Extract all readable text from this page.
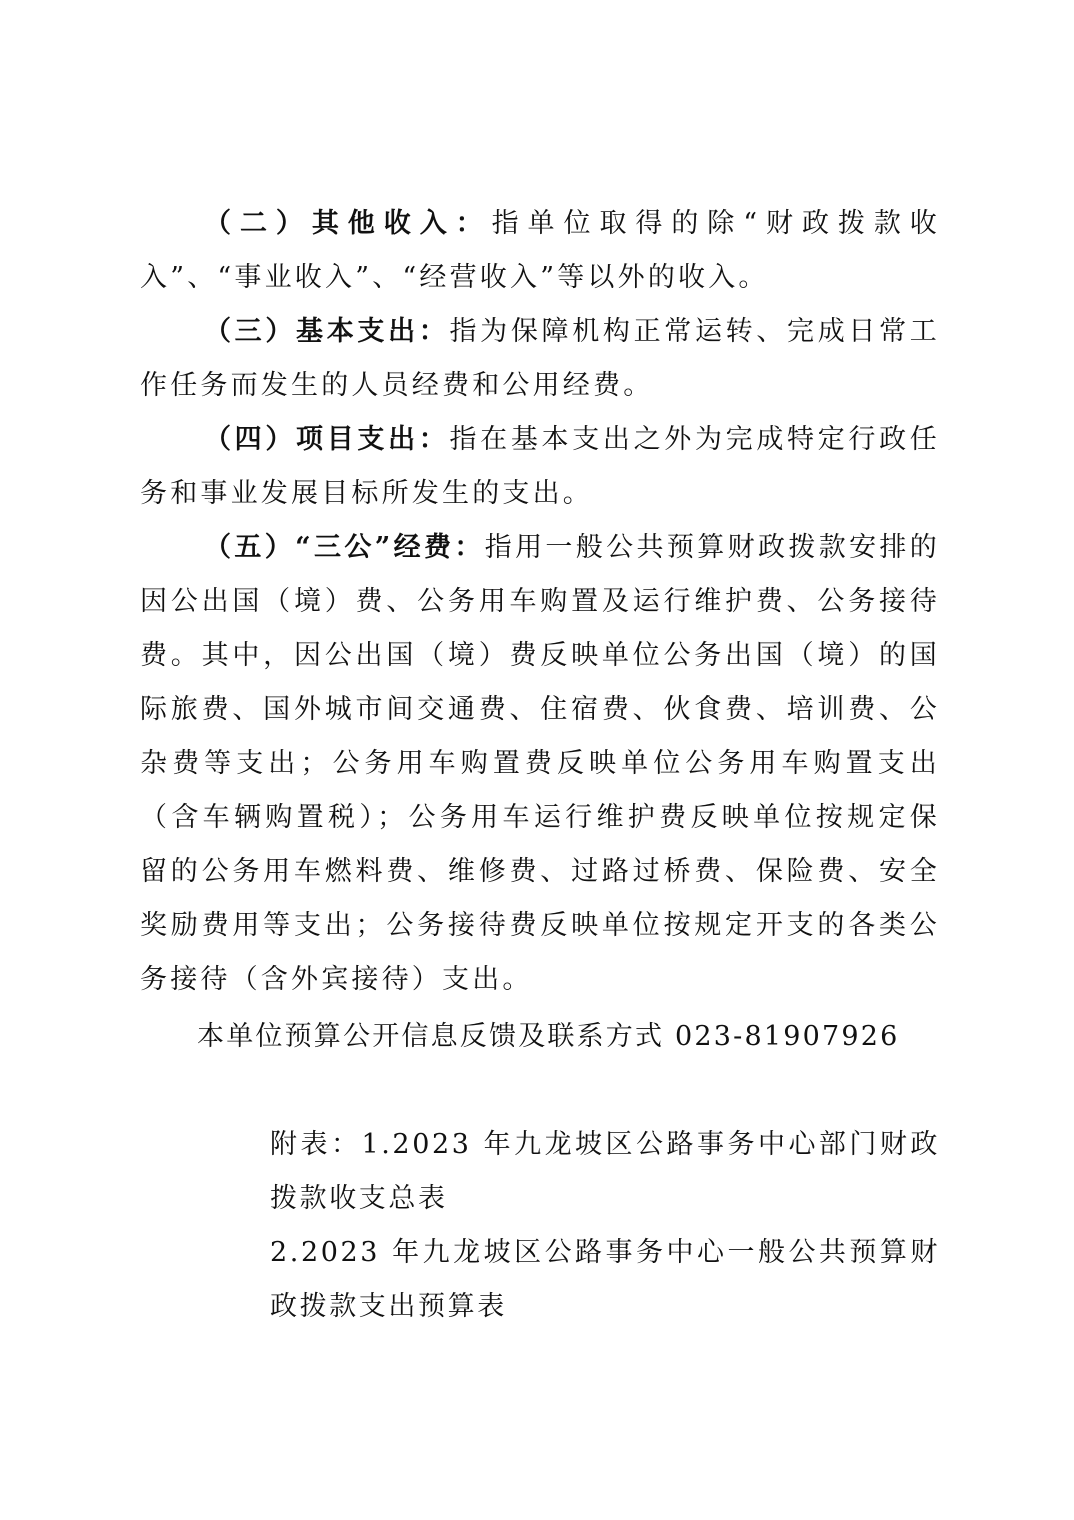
（二）其他收入：指单位取得的除“财政拨款收入”、“事业收入”、“经营收入”等以外的收入。

（三）基本支出：指为保障机构正常运转、完成日常工作任务而发生的人员经费和公用经费。

（四）项目支出：指在基本支出之外为完成特定行政任务和事业发展目标所发生的支出。

（五）“三公”经费：指用一般公共预算财政拨款安排的因公出国（境）费、公务用车购置及运行维护费、公务接待费。其中，因公出国（境）费反映单位公务出国（境）的国际旅费、国外城市间交通费、住宿费、伙食费、培训费、公杂费等支出；公务用车购置费反映单位公务用车购置支出（含车辆购置税）；公务用车运行维护费反映单位按规定保留的公务用车燃料费、维修费、过路过桥费、保险费、安全奖励费用等支出；公务接待费反映单位按规定开支的各类公务接待（含外宾接待）支出。

本单位预算公开信息反馈及联系方式 023-81907926

附表：1.2023 年九龙坡区公路事务中心部门财政拨款收支总表

2.2023 年九龙坡区公路事务中心一般公共预算财政拨款支出预算表
